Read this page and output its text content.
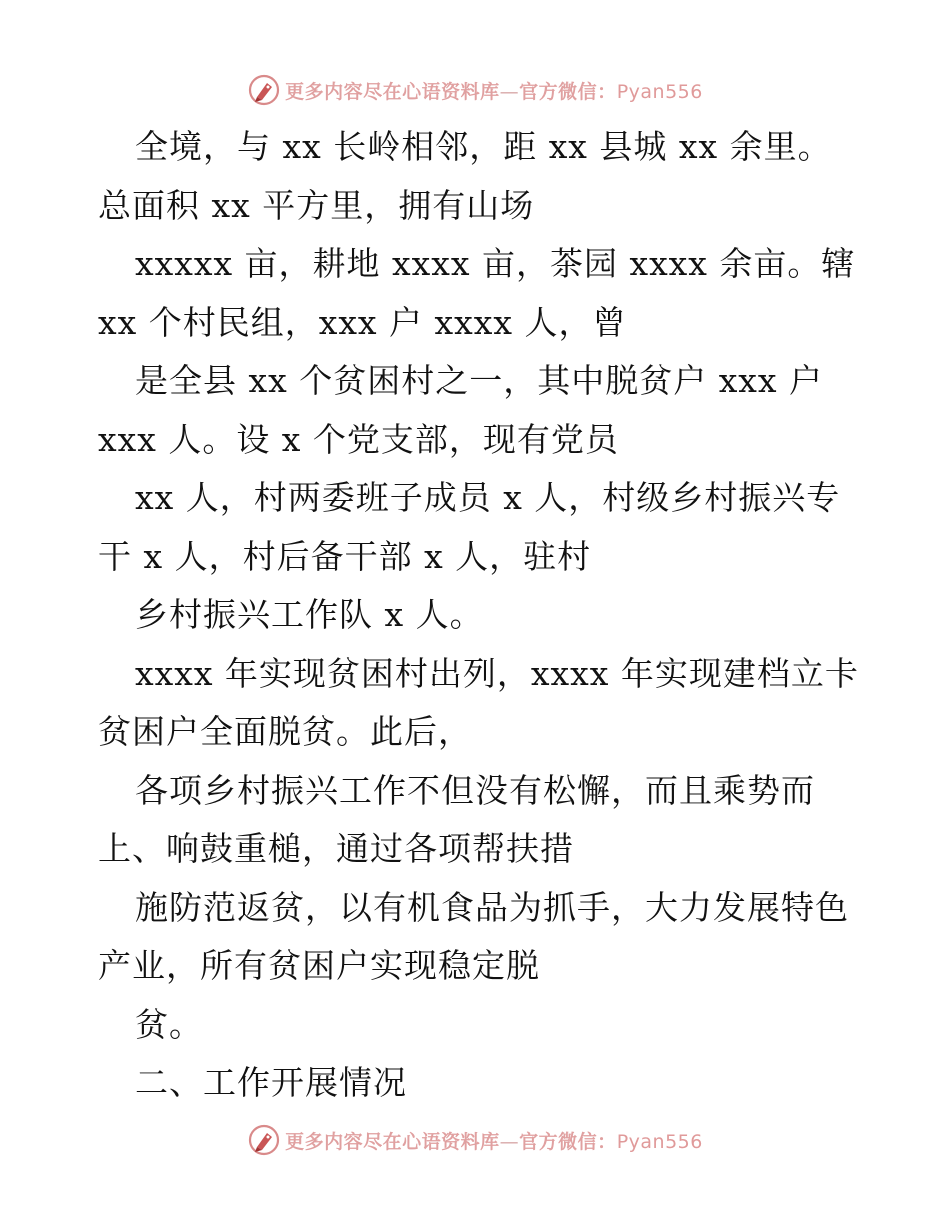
更多内容尽在心语资料库—官方微信：Pyan556
全境，与 xx 长岭相邻，距 xx 县城 xx 余里。
总面积 xx 平方里，拥有山场
xxxxx 亩，耕地 xxxx 亩，茶园 xxxx 余亩。辖
xx 个村民组，xxx 户 xxxx 人，曾
是全县 xx 个贫困村之一，其中脱贫户 xxx 户
xxx 人。设 x 个党支部，现有党员
xx 人，村两委班子成员 x 人，村级乡村振兴专
干 x 人，村后备干部 x 人，驻村
乡村振兴工作队 x 人。
xxxx 年实现贫困村出列，xxxx 年实现建档立卡
贫困户全面脱贫。此后，
各项乡村振兴工作不但没有松懈，而且乘势而
上、响鼓重槌，通过各项帮扶措
施防范返贫，以有机食品为抓手，大力发展特色
产业，所有贫困户实现稳定脱
贫。
二、工作开展情况
更多内容尽在心语资料库—官方微信：Pyan556
